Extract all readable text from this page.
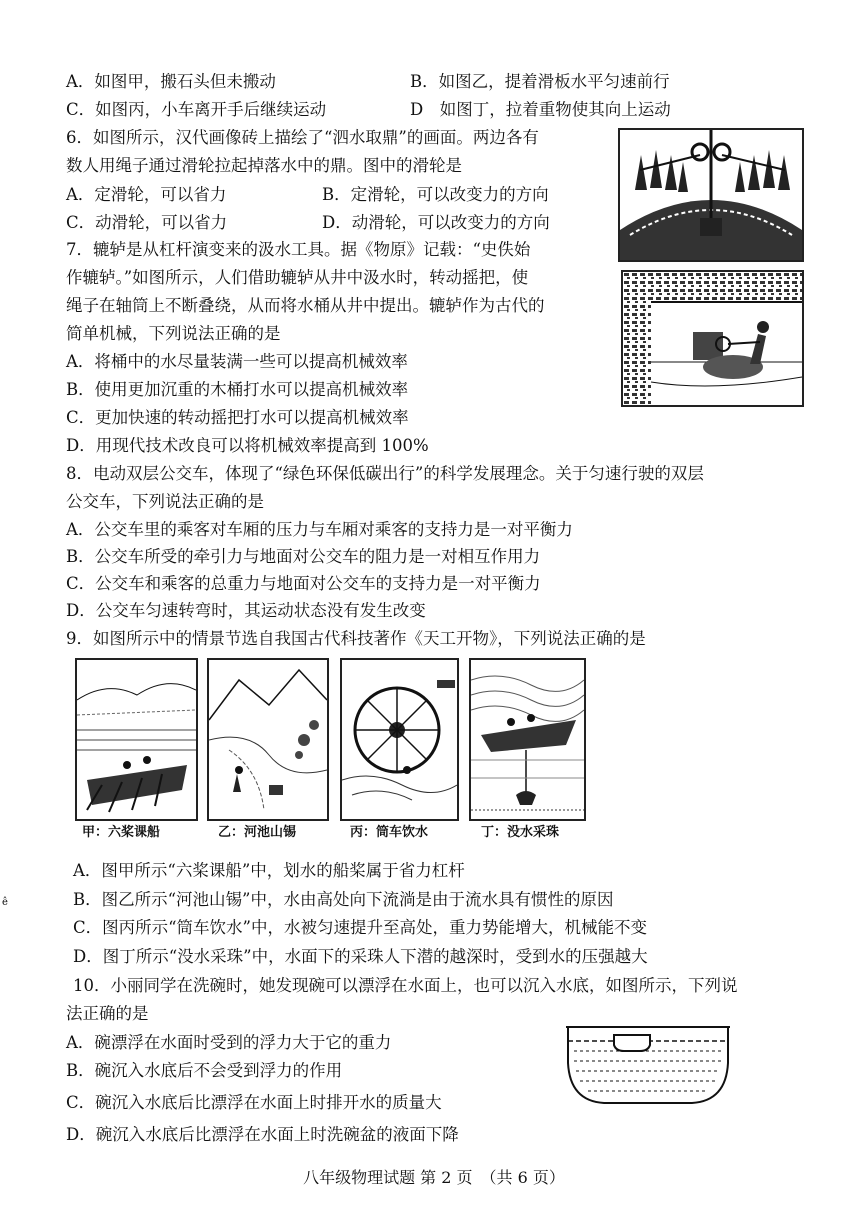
A．如图甲，搬石头但未搬动	B．如图乙，提着滑板水平匀速前行
C．如图丙，小车离开手后继续运动	D　如图丁，拉着重物使其向上运动
6．如图所示，汉代画像砖上描绘了“泗水取鼎”的画面。两边各有
数人用绳子通过滑轮拉起掉落水中的鼎。图中的滑轮是
A．定滑轮，可以省力	B．定滑轮，可以改变力的方向
C．动滑轮，可以省力	D．动滑轮，可以改变力的方向
7．辘轳是从杠杆演变来的汲水工具。据《物原》记载：“史佚始
作辘轳。”如图所示，人们借助辘轳从井中汲水时，转动摇把，使
绳子在轴筒上不断叠绕，从而将水桶从井中提出。辘轳作为古代的
简单机械，下列说法正确的是
A．将桶中的水尽量装满一些可以提高机械效率
B．使用更加沉重的木桶打水可以提高机械效率
C．更加快速的转动摇把打水可以提高机械效率
D．用现代技术改良可以将机械效率提高到 100%
8．电动双层公交车，体现了“绿色环保低碳出行”的科学发展理念。关于匀速行驶的双层
公交车，下列说法正确的是
A．公交车里的乘客对车厢的压力与车厢对乘客的支持力是一对平衡力
B．公交车所受的牵引力与地面对公交车的阻力是一对相互作用力
C．公交车和乘客的总重力与地面对公交车的支持力是一对平衡力
D．公交车匀速转弯时，其运动状态没有发生改变
9．如图所示中的情景节选自我国古代科技著作《天工开物》，下列说法正确的是
甲：六桨课船	乙：河池山锡	丙：筒车饮水	丁：没水采珠
A．图甲所示“六桨课船”中，划水的船桨属于省力杠杆
B．图乙所示“河池山锡”中，水由高处向下流淌是由于流水具有惯性的原因
C．图丙所示“筒车饮水”中，水被匀速提升至高处，重力势能增大，机械能不变
D．图丁所示“没水采珠”中，水面下的采珠人下潜的越深时，受到水的压强越大
10．小丽同学在洗碗时，她发现碗可以漂浮在水面上，也可以沉入水底，如图所示，下列说
法正确的是
A．碗漂浮在水面时受到的浮力大于它的重力
B．碗沉入水底后不会受到浮力的作用
C．碗沉入水底后比漂浮在水面上时排开水的质量大
D．碗沉入水底后比漂浮在水面上时洗碗盆的液面下降
ê
八年级物理试题 第 2 页　（共 6 页）
